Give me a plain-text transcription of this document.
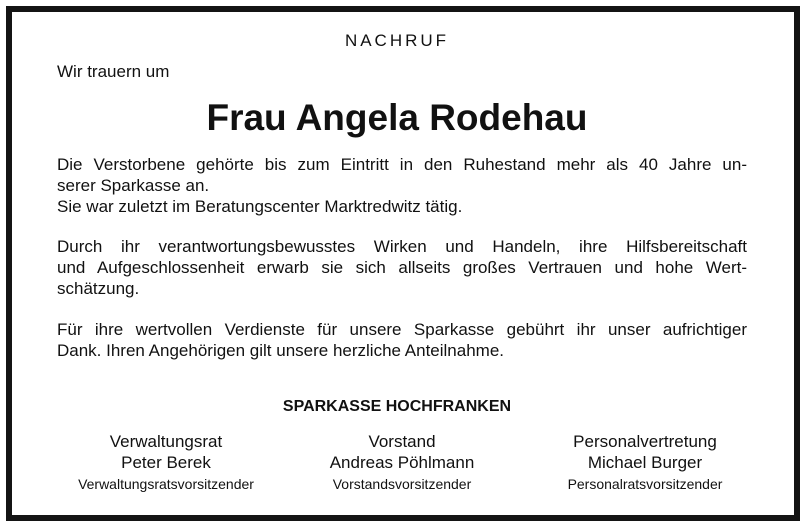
NACHRUF
Wir trauern um
Frau Angela Rodehau
Die Verstorbene gehörte bis zum Eintritt in den Ruhestand mehr als 40 Jahre un-
serer Sparkasse an.
Sie war zuletzt im Beratungscenter Marktredwitz tätig.
Durch ihr verantwortungsbewusstes Wirken und Handeln, ihre Hilfsbereitschaft
und Aufgeschlossenheit erwarb sie sich allseits großes Vertrauen und hohe Wert-
schätzung.
Für ihre wertvollen Verdienste für unsere Sparkasse gebührt ihr unser aufrichtiger
Dank. Ihren Angehörigen gilt unsere herzliche Anteilnahme.
SPARKASSE HOCHFRANKEN
Verwaltungsrat
Peter Berek
Verwaltungsratsvorsitzender
Vorstand
Andreas Pöhlmann
Vorstandsvorsitzender
Personalvertretung
Michael Burger
Personalratsvorsitzender
